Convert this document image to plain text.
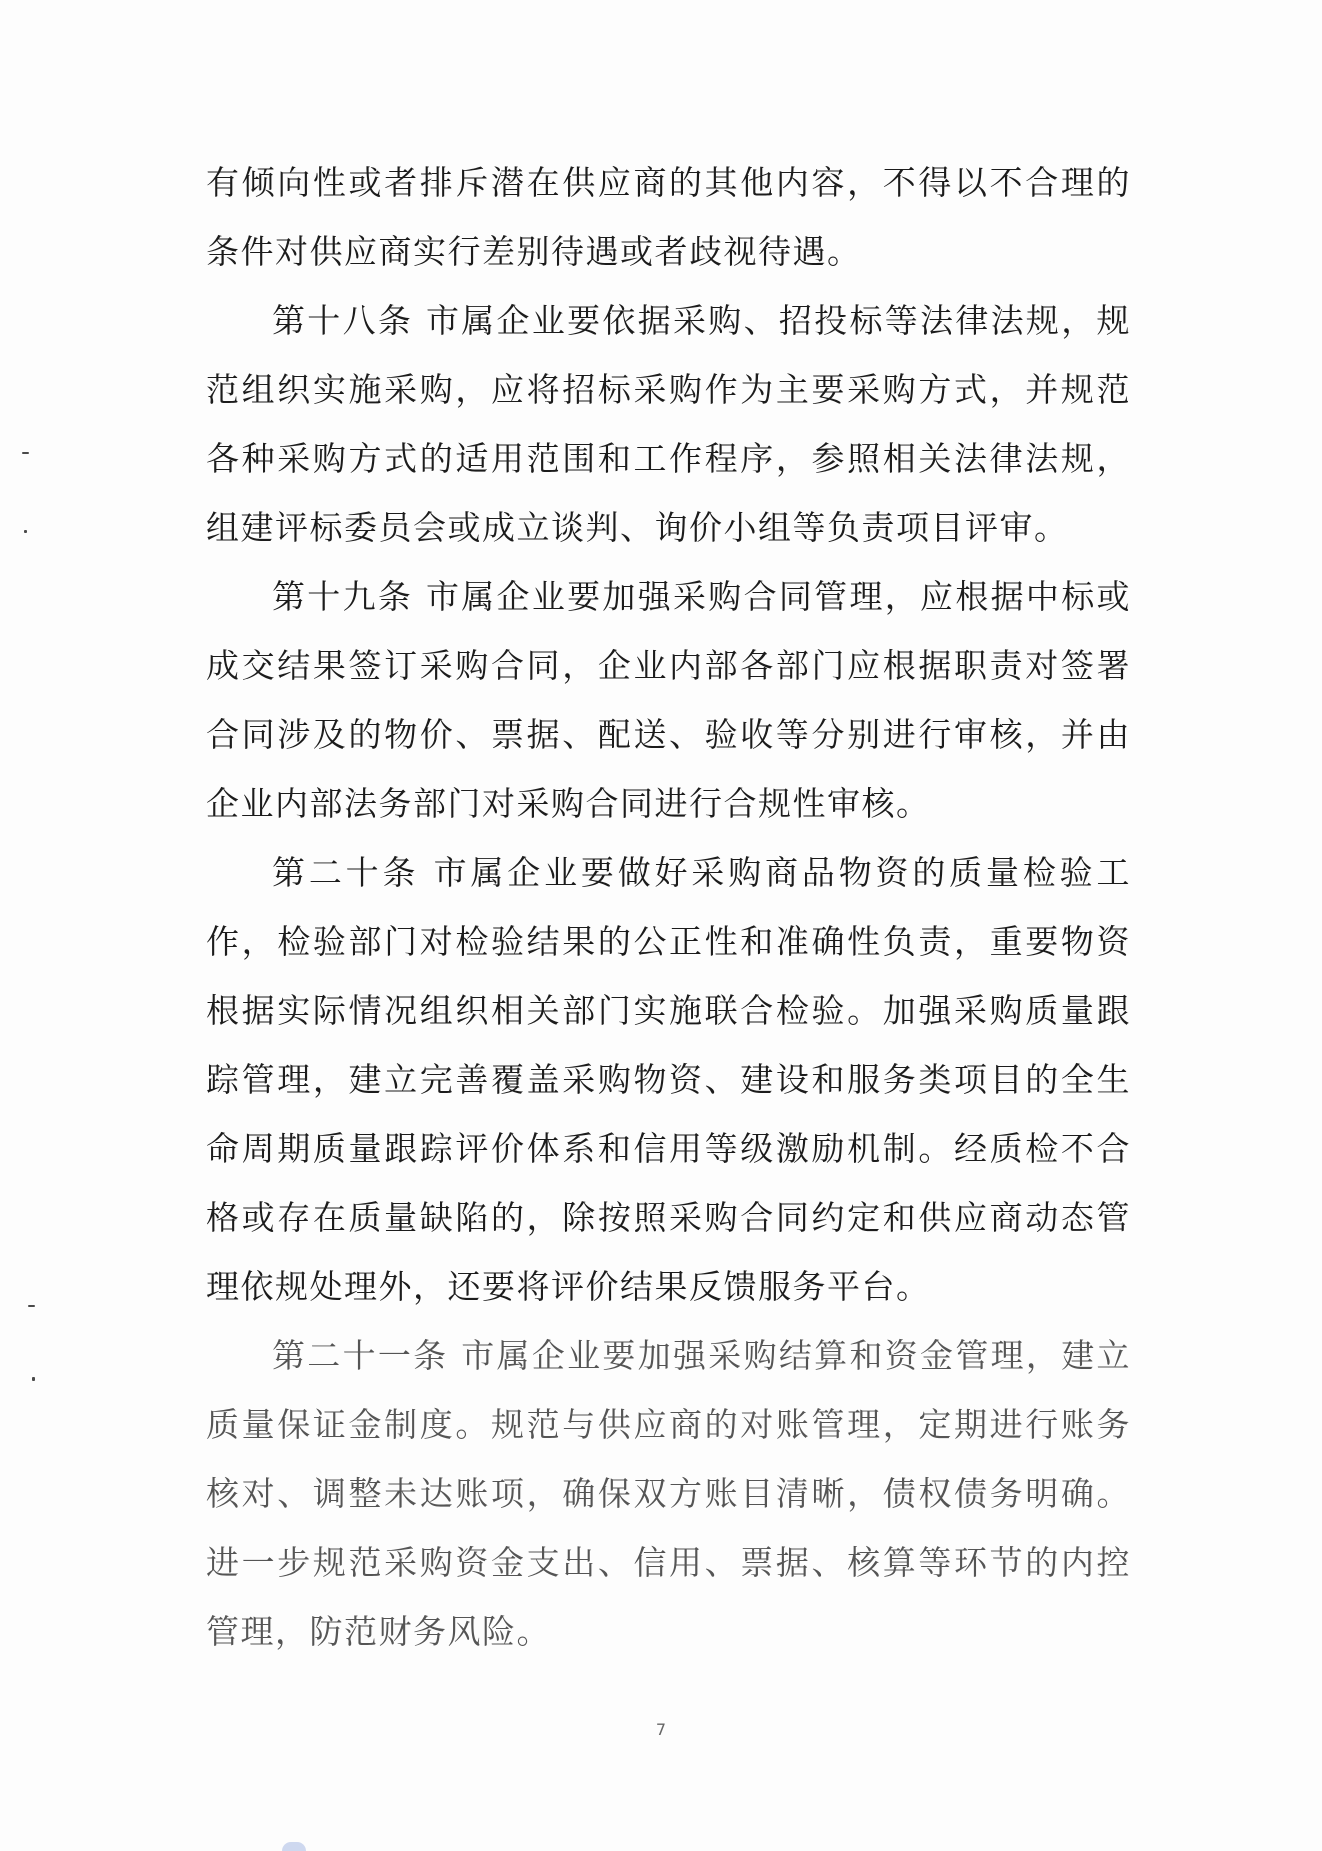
有倾向性或者排斥潜在供应商的其他内容，不得以不合理的条件对供应商实行差别待遇或者歧视待遇。

第十八条 市属企业要依据采购、招投标等法律法规，规范组织实施采购，应将招标采购作为主要采购方式，并规范各种采购方式的适用范围和工作程序，参照相关法律法规，组建评标委员会或成立谈判、询价小组等负责项目评审。

第十九条 市属企业要加强采购合同管理，应根据中标或成交结果签订采购合同，企业内部各部门应根据职责对签署合同涉及的物价、票据、配送、验收等分别进行审核，并由企业内部法务部门对采购合同进行合规性审核。

第二十条 市属企业要做好采购商品物资的质量检验工作，检验部门对检验结果的公正性和准确性负责，重要物资根据实际情况组织相关部门实施联合检验。加强采购质量跟踪管理，建立完善覆盖采购物资、建设和服务类项目的全生命周期质量跟踪评价体系和信用等级激励机制。经质检不合格或存在质量缺陷的，除按照采购合同约定和供应商动态管理依规处理外，还要将评价结果反馈服务平台。

第二十一条 市属企业要加强采购结算和资金管理，建立质量保证金制度。规范与供应商的对账管理，定期进行账务核对、调整未达账项，确保双方账目清晰，债权债务明确。进一步规范采购资金支出、信用、票据、核算等环节的内控管理，防范财务风险。

7
